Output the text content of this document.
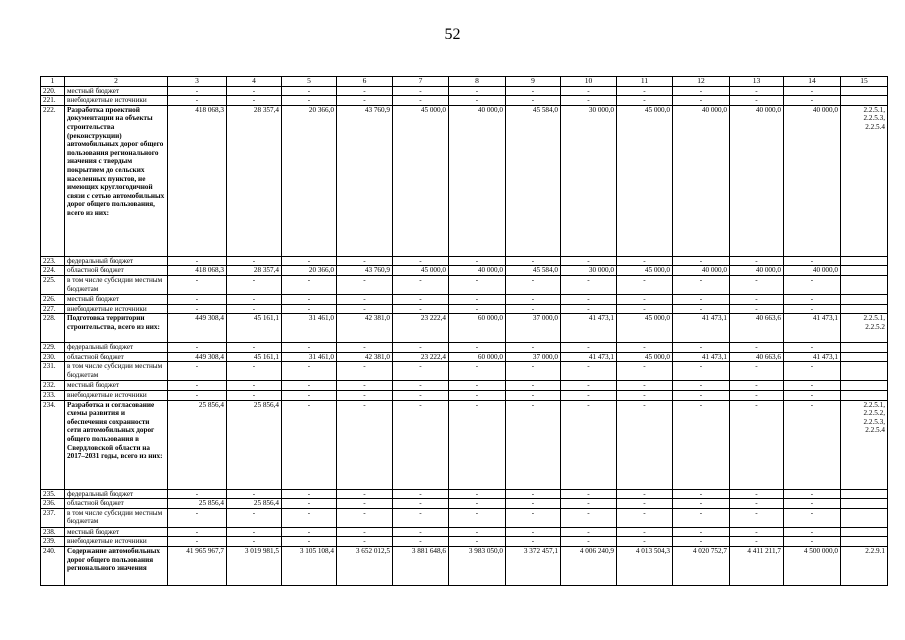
52
1	2	3	4	5	6	7	8	9	10	11	12	13	14	15
220.	местный бюджет	-	-	-	-	-	-	-	-	-	-	-	-	
221.	внебюджетные источники	-	-	-	-	-	-	-	-	-	-	-	-	
222.	Разработка проектной документации на объекты строительства (реконструкции) автомобильных дорог общего пользования регионального значения с твердым покрытием до сельских населенных пунктов, не имеющих круглогодичной связи с сетью автомобильных дорог общего пользования, всего из них:	418 068,3	28 357,4	20 366,0	43 760,9	45 000,0	40 000,0	45 584,0	30 000,0	45 000,0	40 000,0	40 000,0	40 000,0	2.2.5.1, 2.2.5.3, 2.2.5.4
223.	федеральный бюджет	-	-	-	-	-	-	-	-	-	-	-	-	
224.	областной бюджет	418 068,3	28 357,4	20 366,0	43 760,9	45 000,0	40 000,0	45 584,0	30 000,0	45 000,0	40 000,0	40 000,0	40 000,0	
225.	в том числе субсидии местным бюджетам	-	-	-	-	-	-	-	-	-	-	-	-	
226.	местный бюджет	-	-	-	-	-	-	-	-	-	-	-	-	
227.	внебюджетные источники	-	-	-	-	-	-	-	-	-	-	-	-	
228.	Подготовка территории строительства, всего из них:	449 308,4	45 161,1	31 461,0	42 381,0	23 222,4	60 000,0	37 000,0	41 473,1	45 000,0	41 473,1	40 663,6	41 473,1	2.2.5.1, 2.2.5.2
229.	федеральный бюджет	-	-	-	-	-	-	-	-	-	-	-	-	
230.	областной бюджет	449 308,4	45 161,1	31 461,0	42 381,0	23 222,4	60 000,0	37 000,0	41 473,1	45 000,0	41 473,1	40 663,6	41 473,1	
231.	в том числе субсидии местным бюджетам	-	-	-	-	-	-	-	-	-	-	-	-	
232.	местный бюджет	-	-	-	-	-	-	-	-	-	-	-	-	
233.	внебюджетные источники	-	-	-	-	-	-	-	-	-	-	-	-	
234.	Разработка и согласование схемы развития и обеспечения сохранности сети автомобильных дорог общего пользования в Свердловской области на 2017–2031 годы, всего из них:	25 856,4	25 856,4	-	-	-	-	-	-	-	-	-	-	2.2.5.1, 2.2.5.2, 2.2.5.3, 2.2.5.4
235.	федеральный бюджет	-	-	-	-	-	-	-	-	-	-	-	-	
236.	областной бюджет	25 856,4	25 856,4	-	-	-	-	-	-	-	-	-	-	
237.	в том числе субсидии местным бюджетам	-	-	-	-	-	-	-	-	-	-	-	-	
238.	местный бюджет	-	-	-	-	-	-	-	-	-	-	-	-	
239.	внебюджетные источники	-	-	-	-	-	-	-	-	-	-	-	-	
240.	Содержание автомобильных дорог общего пользования регионального значения	41 965 967,7	3 019 981,5	3 105 108,4	3 652 012,5	3 881 648,6	3 983 050,0	3 372 457,1	4 006 240,9	4 013 504,3	4 020 752,7	4 411 211,7	4 500 000,0	2.2.9.1
